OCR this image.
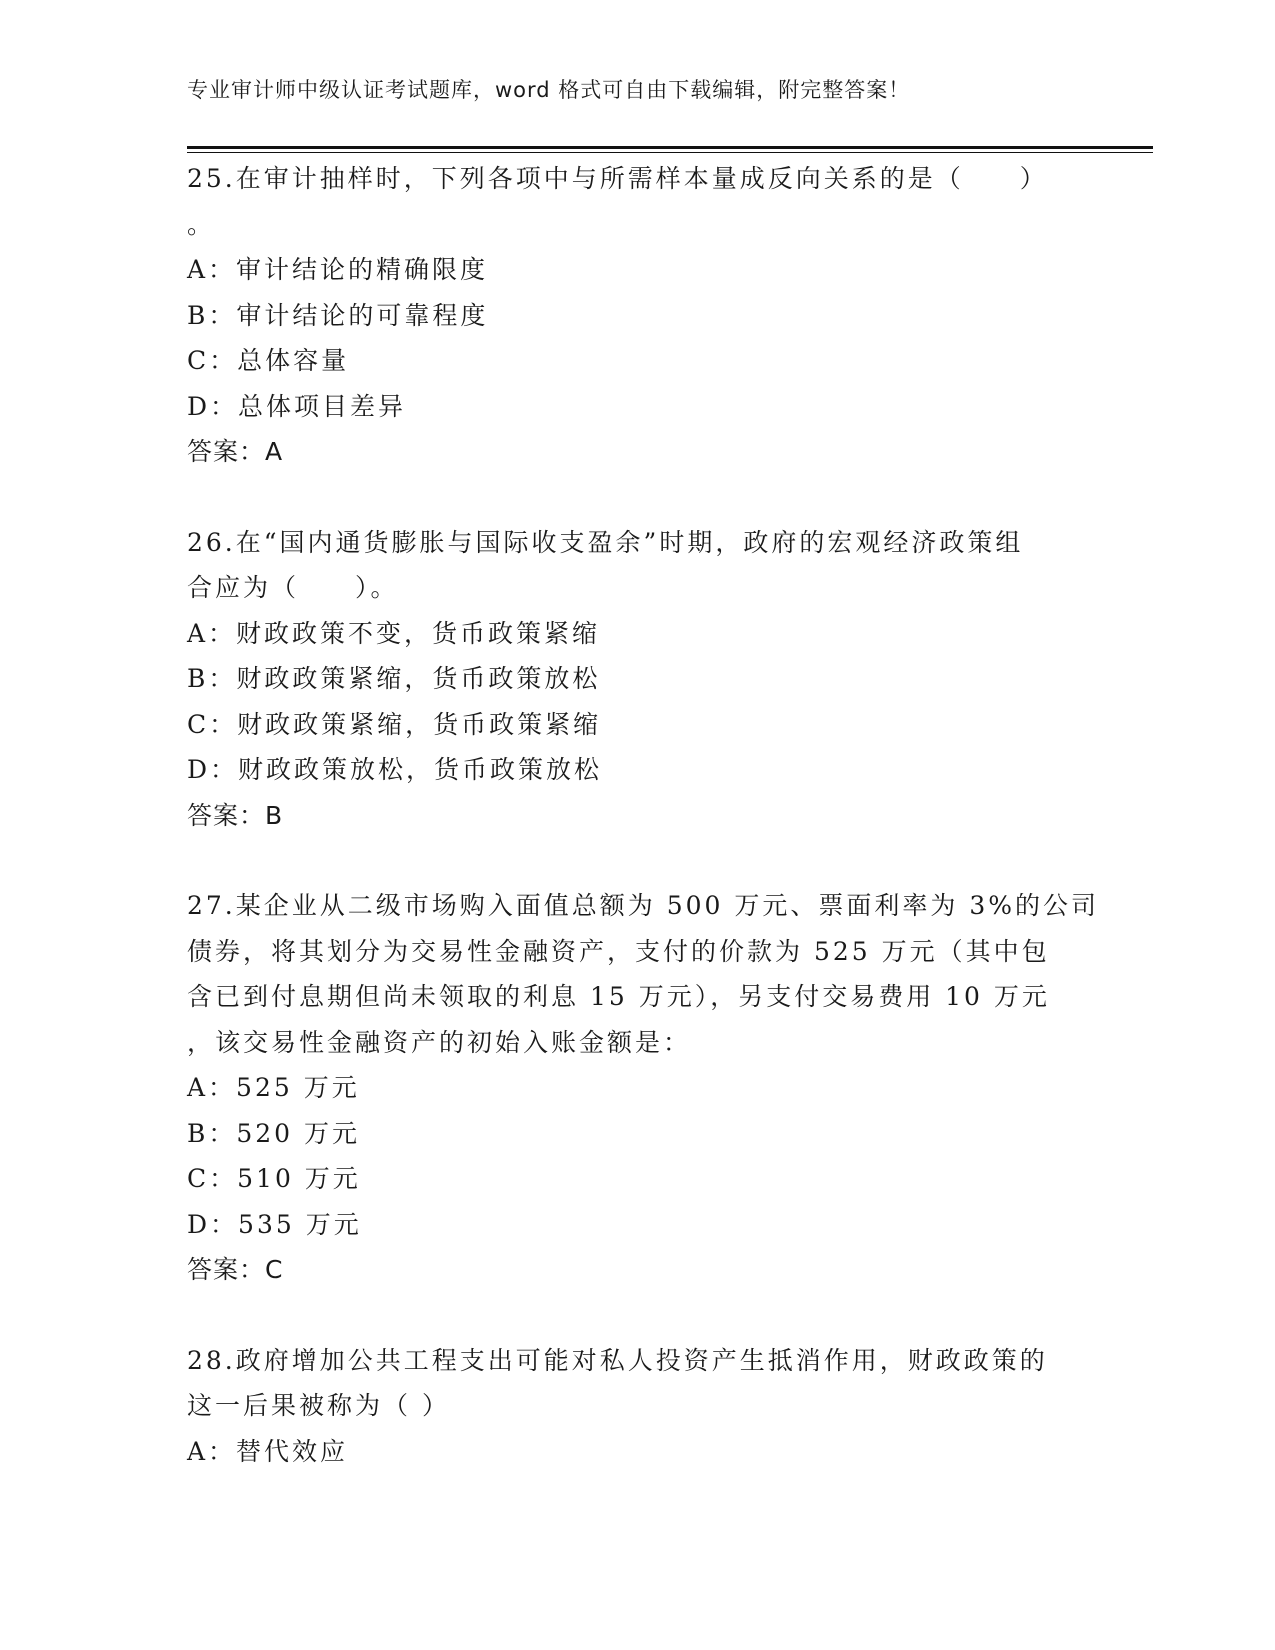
专业审计师中级认证考试题库，word 格式可自由下载编辑，附完整答案！
25.在审计抽样时，下列各项中与所需样本量成反向关系的是（　　）
。
A：审计结论的精确限度
B：审计结论的可靠程度
C：总体容量
D：总体项目差异
答案：A
26.在“国内通货膨胀与国际收支盈余”时期，政府的宏观经济政策组
合应为（　　）。
A：财政政策不变，货币政策紧缩
B：财政政策紧缩，货币政策放松
C：财政政策紧缩，货币政策紧缩
D：财政政策放松，货币政策放松
答案：B
27.某企业从二级市场购入面值总额为 500 万元、票面利率为 3%的公司
债券，将其划分为交易性金融资产，支付的价款为 525 万元（其中包
含已到付息期但尚未领取的利息 15 万元），另支付交易费用 10 万元
，该交易性金融资产的初始入账金额是：
A：525 万元
B：520 万元
C：510 万元
D：535 万元
答案：C
28.政府增加公共工程支出可能对私人投资产生抵消作用，财政政策的
这一后果被称为（ ）
A：替代效应
